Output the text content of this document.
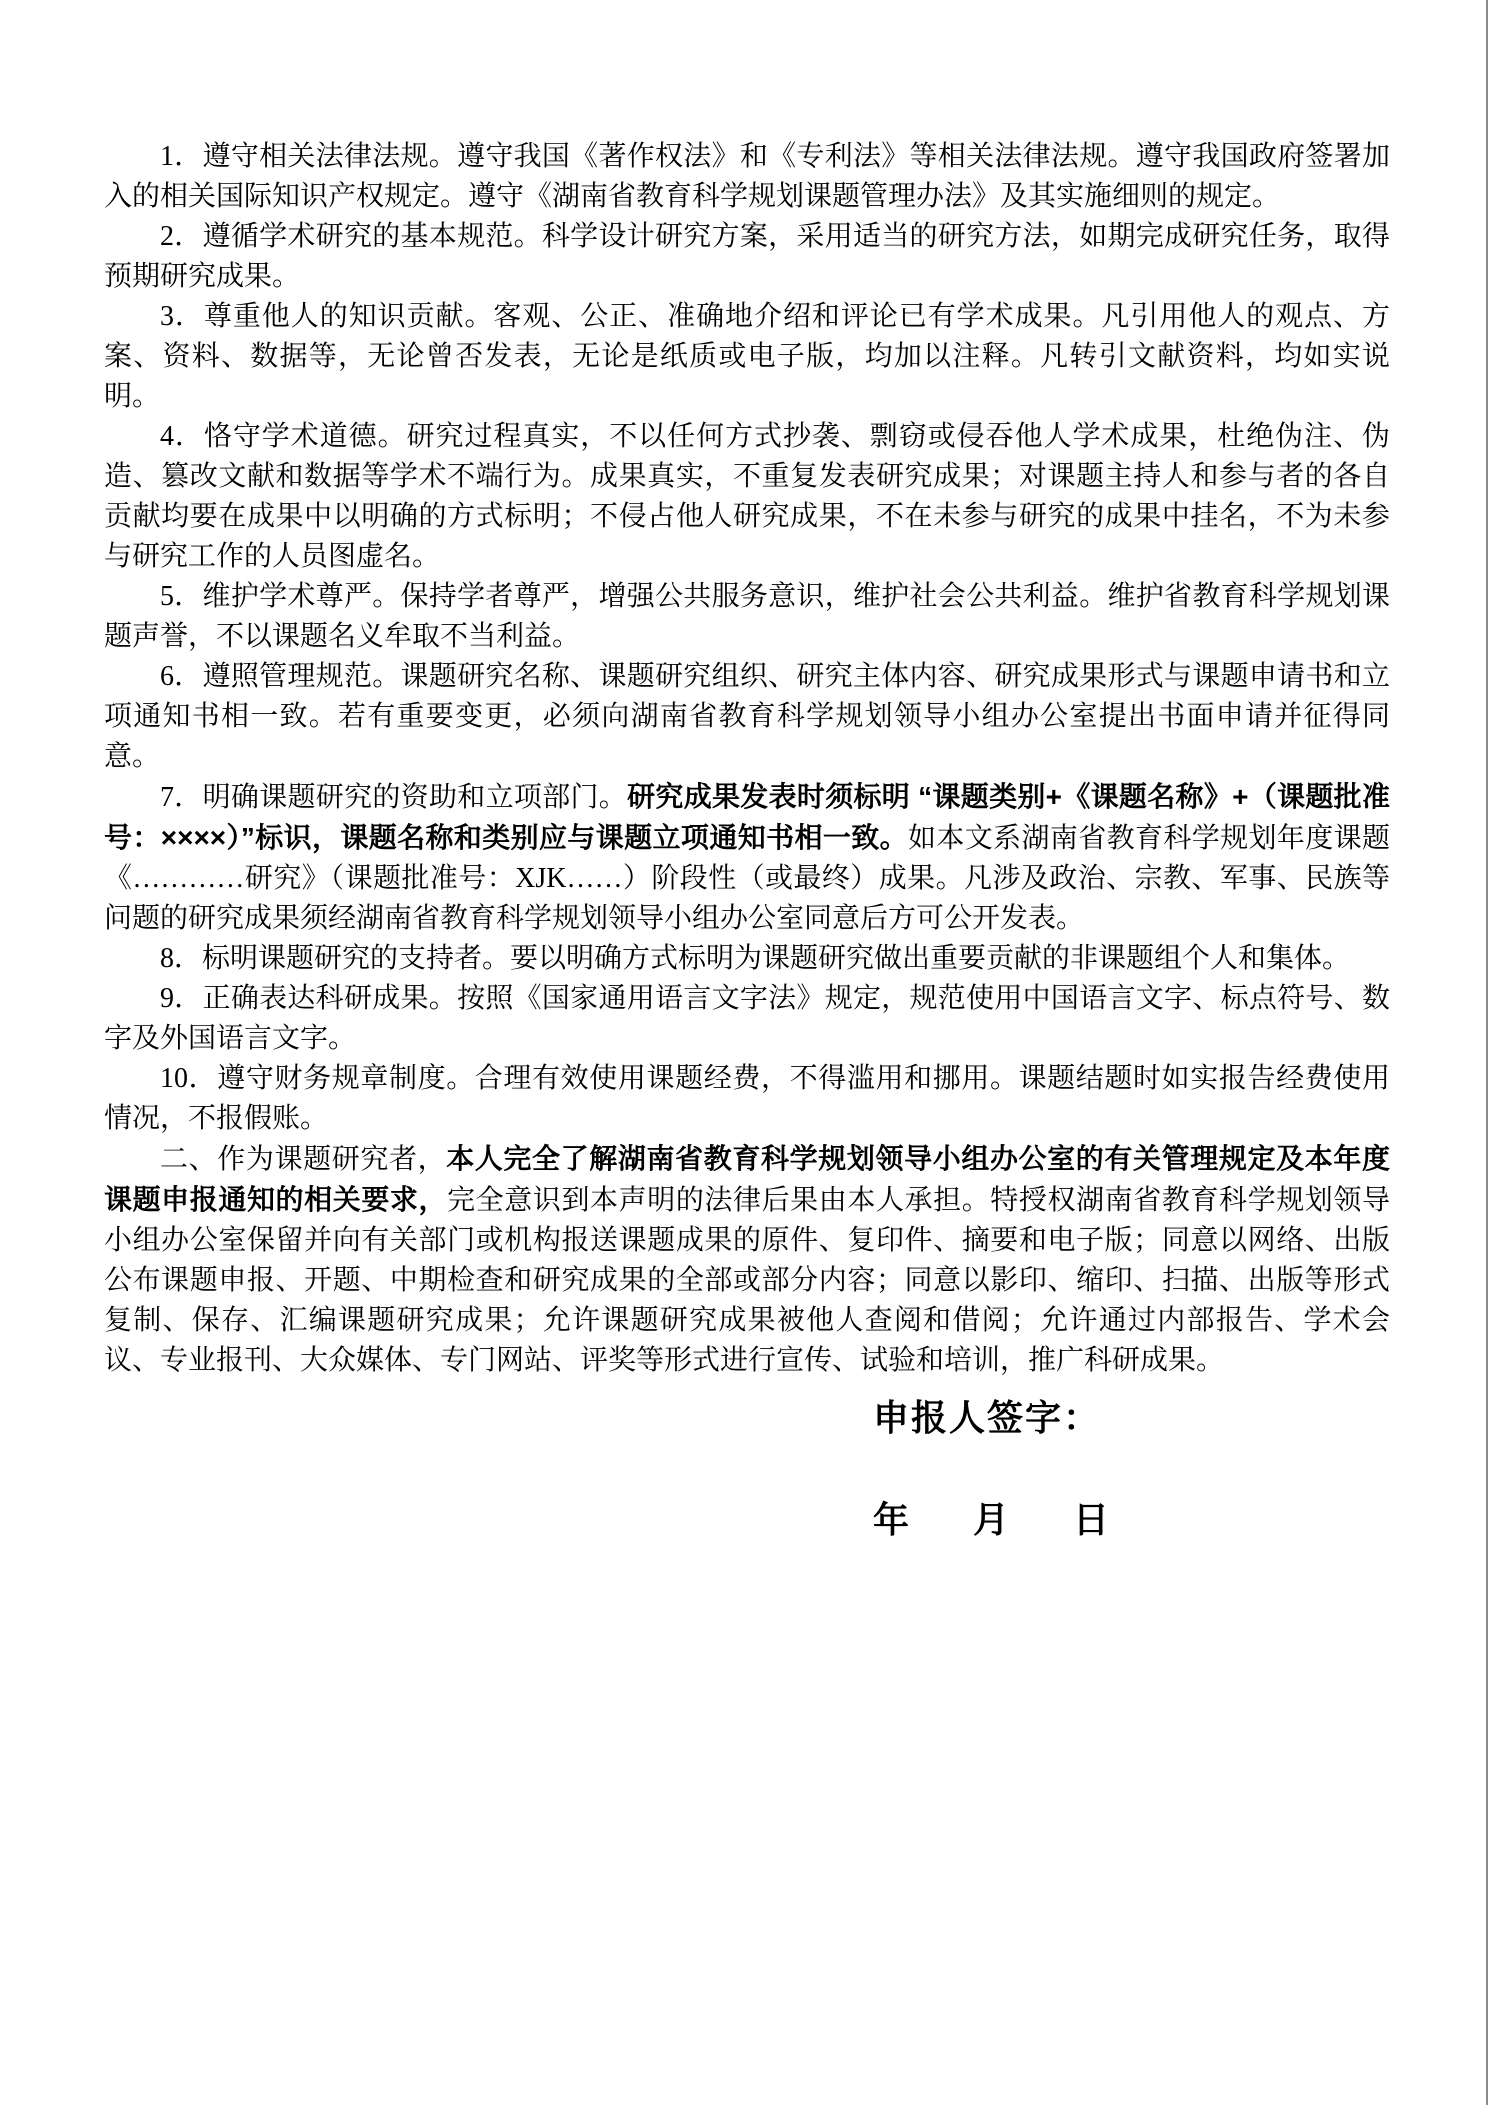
1．遵守相关法律法规。遵守我国《著作权法》和《专利法》等相关法律法规。遵守我国政府签署加入的相关国际知识产权规定。遵守《湖南省教育科学规划课题管理办法》及其实施细则的规定。

2．遵循学术研究的基本规范。科学设计研究方案，采用适当的研究方法，如期完成研究任务，取得预期研究成果。

3．尊重他人的知识贡献。客观、公正、准确地介绍和评论已有学术成果。凡引用他人的观点、方案、资料、数据等，无论曾否发表，无论是纸质或电子版，均加以注释。凡转引文献资料，均如实说明。

4．恪守学术道德。研究过程真实，不以任何方式抄袭、剽窃或侵吞他人学术成果，杜绝伪注、伪造、篡改文献和数据等学术不端行为。成果真实，不重复发表研究成果；对课题主持人和参与者的各自贡献均要在成果中以明确的方式标明；不侵占他人研究成果，不在未参与研究的成果中挂名，不为未参与研究工作的人员图虚名。

5．维护学术尊严。保持学者尊严，增强公共服务意识，维护社会公共利益。维护省教育科学规划课题声誉，不以课题名义牟取不当利益。

6．遵照管理规范。课题研究名称、课题研究组织、研究主体内容、研究成果形式与课题申请书和立项通知书相一致。若有重要变更，必须向湖南省教育科学规划领导小组办公室提出书面申请并征得同意。

7．明确课题研究的资助和立项部门。研究成果发表时须标明 “课题类别+《课题名称》+（课题批准号：××××）”标识，课题名称和类别应与课题立项通知书相一致。如本文系湖南省教育科学规划年度课题《…………研究》（课题批准号：XJK……）阶段性（或最终）成果。凡涉及政治、宗教、军事、民族等问题的研究成果须经湖南省教育科学规划领导小组办公室同意后方可公开发表。

8．标明课题研究的支持者。要以明确方式标明为课题研究做出重要贡献的非课题组个人和集体。

9．正确表达科研成果。按照《国家通用语言文字法》规定，规范使用中国语言文字、标点符号、数字及外国语言文字。

10．遵守财务规章制度。合理有效使用课题经费，不得滥用和挪用。课题结题时如实报告经费使用情况，不报假账。

二、作为课题研究者，本人完全了解湖南省教育科学规划领导小组办公室的有关管理规定及本年度课题申报通知的相关要求，完全意识到本声明的法律后果由本人承担。特授权湖南省教育科学规划领导小组办公室保留并向有关部门或机构报送课题成果的原件、复印件、摘要和电子版；同意以网络、出版公布课题申报、开题、中期检查和研究成果的全部或部分内容；同意以影印、缩印、扫描、出版等形式复制、保存、汇编课题研究成果；允许课题研究成果被他人查阅和借阅；允许通过内部报告、学术会议、专业报刊、大众媒体、专门网站、评奖等形式进行宣传、试验和培训，推广科研成果。

申报人签字：
年 月 日
